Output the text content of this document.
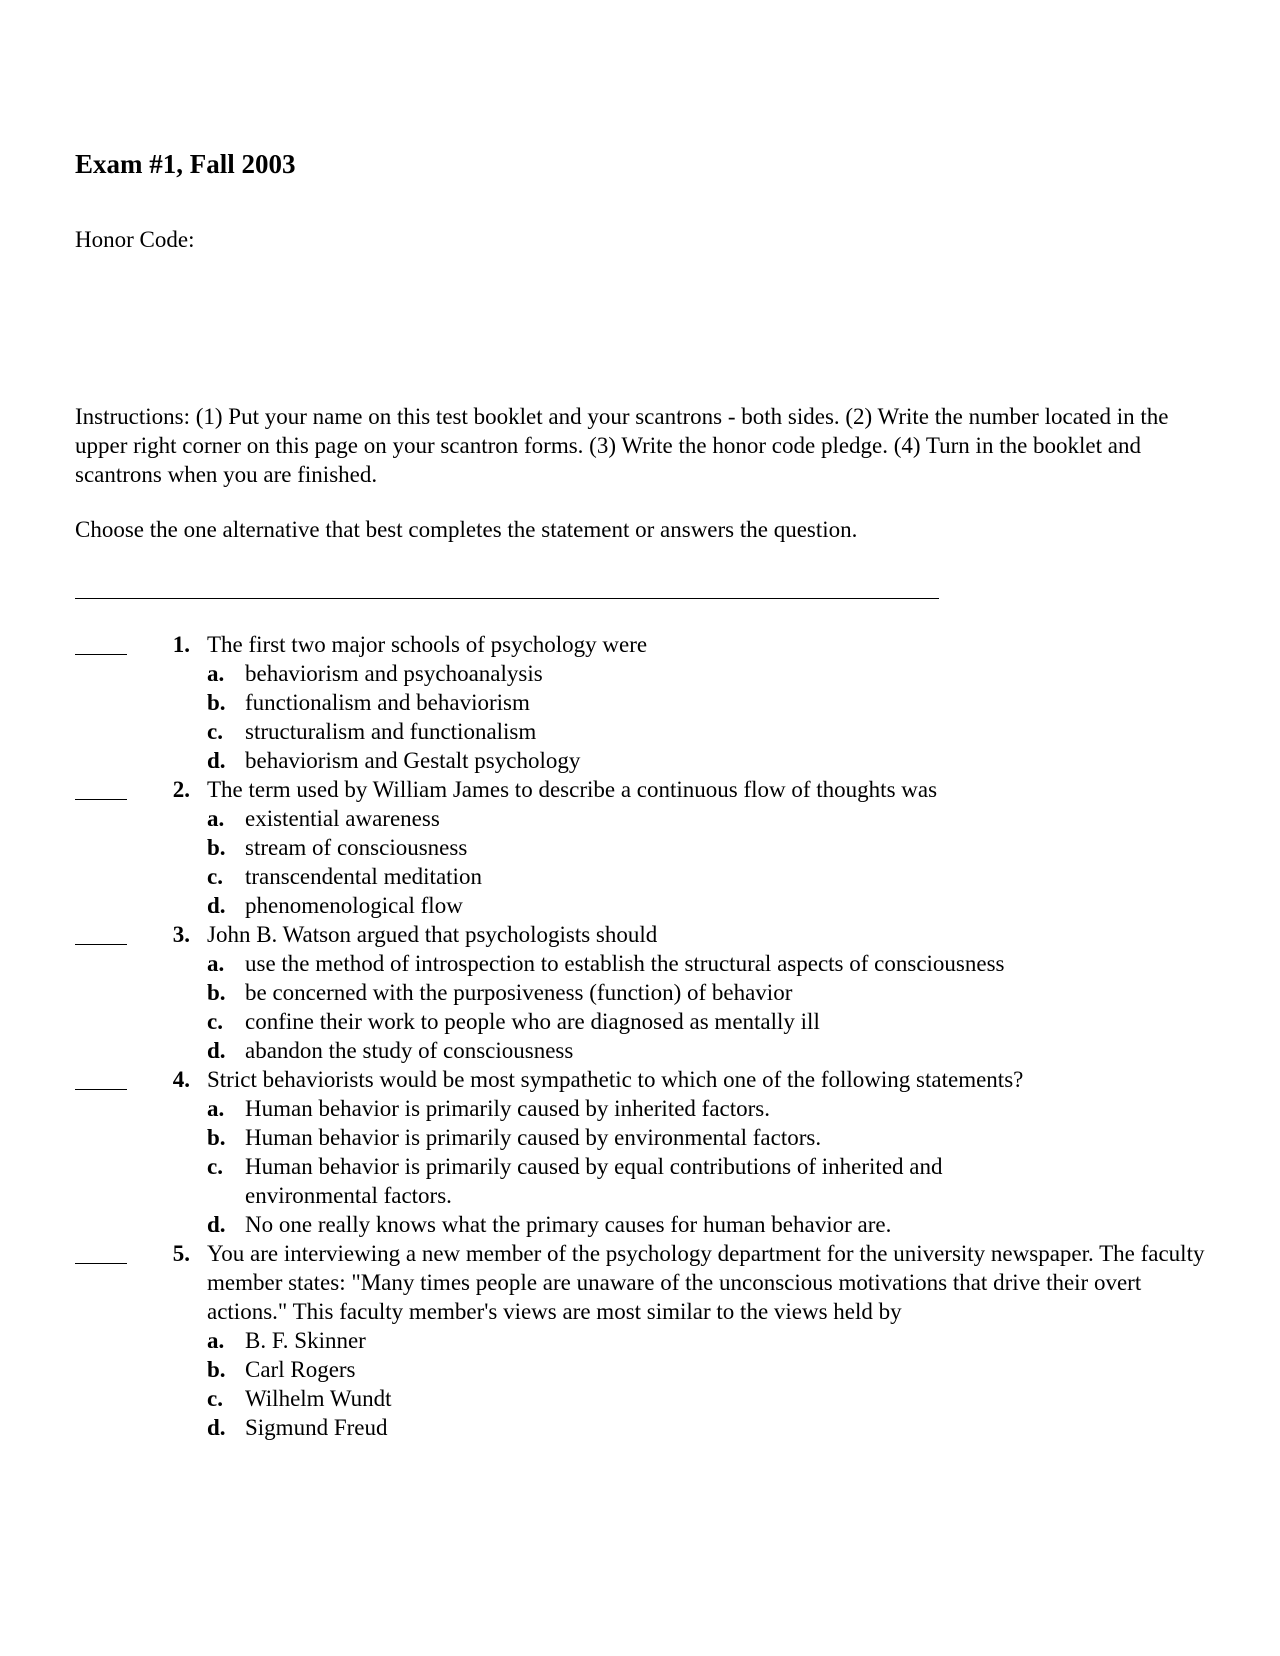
Exam #1, Fall 2003
Honor Code:
Instructions: (1) Put your name on this test booklet and your scantrons - both sides. (2) Write the number located in the upper right corner on this page on your scantron forms. (3) Write the honor code pledge. (4) Turn in the booklet and scantrons when you are finished.
Choose the one alternative that best completes the statement or answers the question.
1. The first two major schools of psychology were
a. behaviorism and psychoanalysis
b. functionalism and behaviorism
c. structuralism and functionalism
d. behaviorism and Gestalt psychology
2. The term used by William James to describe a continuous flow of thoughts was
a. existential awareness
b. stream of consciousness
c. transcendental meditation
d. phenomenological flow
3. John B. Watson argued that psychologists should
a. use the method of introspection to establish the structural aspects of consciousness
b. be concerned with the purposiveness (function) of behavior
c. confine their work to people who are diagnosed as mentally ill
d. abandon the study of consciousness
4. Strict behaviorists would be most sympathetic to which one of the following statements?
a. Human behavior is primarily caused by inherited factors.
b. Human behavior is primarily caused by environmental factors.
c. Human behavior is primarily caused by equal contributions of inherited and environmental factors.
d. No one really knows what the primary causes for human behavior are.
5. You are interviewing a new member of the psychology department for the university newspaper. The faculty member states: "Many times people are unaware of the unconscious motivations that drive their overt actions." This faculty member's views are most similar to the views held by
a. B. F. Skinner
b. Carl Rogers
c. Wilhelm Wundt
d. Sigmund Freud
